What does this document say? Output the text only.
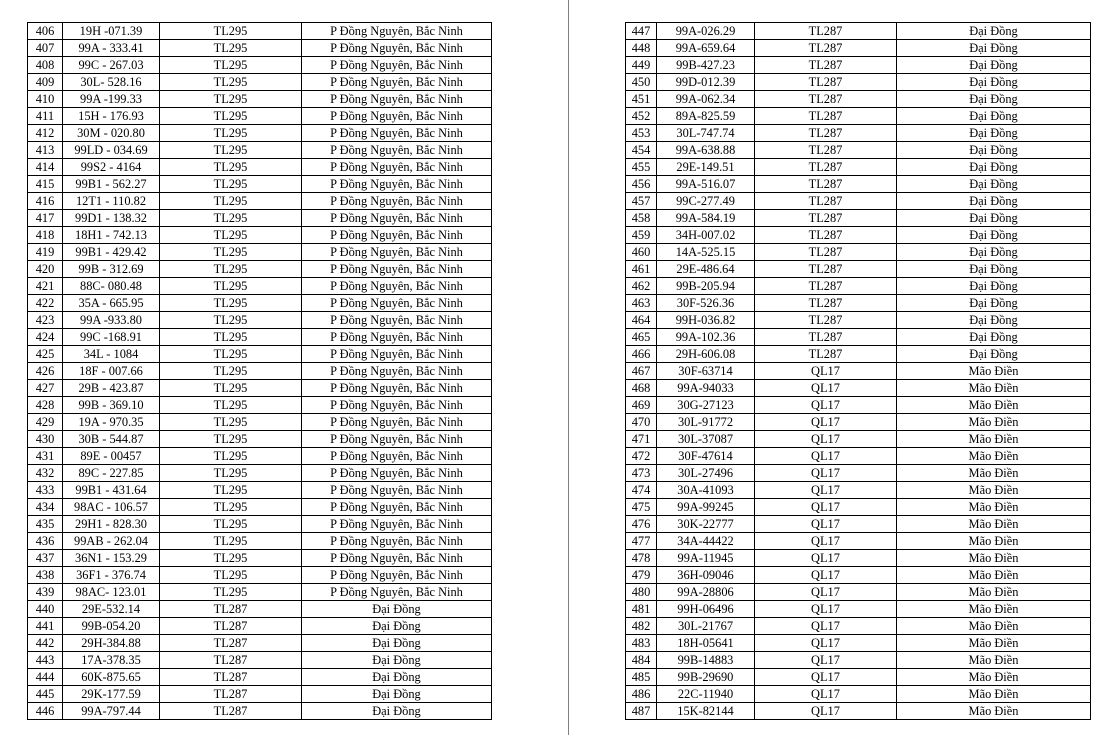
406	19H -071.39	TL295	P Đồng Nguyên, Bắc Ninh
407	99A - 333.41	TL295	P Đồng Nguyên, Bắc Ninh
408	99C - 267.03	TL295	P Đồng Nguyên, Bắc Ninh
409	30L- 528.16	TL295	P Đồng Nguyên, Bắc Ninh
410	99A -199.33	TL295	P Đồng Nguyên, Bắc Ninh
411	15H - 176.93	TL295	P Đồng Nguyên, Bắc Ninh
412	30M - 020.80	TL295	P Đồng Nguyên, Bắc Ninh
413	99LD - 034.69	TL295	P Đồng Nguyên, Bắc Ninh
414	99S2 - 4164	TL295	P Đồng Nguyên, Bắc Ninh
415	99B1 - 562.27	TL295	P Đồng Nguyên, Bắc Ninh
416	12T1 - 110.82	TL295	P Đồng Nguyên, Bắc Ninh
417	99D1 - 138.32	TL295	P Đồng Nguyên, Bắc Ninh
418	18H1 - 742.13	TL295	P Đồng Nguyên, Bắc Ninh
419	99B1 - 429.42	TL295	P Đồng Nguyên, Bắc Ninh
420	99B - 312.69	TL295	P Đồng Nguyên, Bắc Ninh
421	88C- 080.48	TL295	P Đồng Nguyên, Bắc Ninh
422	35A - 665.95	TL295	P Đồng Nguyên, Bắc Ninh
423	99A -933.80	TL295	P Đồng Nguyên, Bắc Ninh
424	99C -168.91	TL295	P Đồng Nguyên, Bắc Ninh
425	34L - 1084	TL295	P Đồng Nguyên, Bắc Ninh
426	18F - 007.66	TL295	P Đồng Nguyên, Bắc Ninh
427	29B - 423.87	TL295	P Đồng Nguyên, Bắc Ninh
428	99B - 369.10	TL295	P Đồng Nguyên, Bắc Ninh
429	19A - 970.35	TL295	P Đồng Nguyên, Bắc Ninh
430	30B - 544.87	TL295	P Đồng Nguyên, Bắc Ninh
431	89E - 00457	TL295	P Đồng Nguyên, Bắc Ninh
432	89C - 227.85	TL295	P Đồng Nguyên, Bắc Ninh
433	99B1 - 431.64	TL295	P Đồng Nguyên, Bắc Ninh
434	98AC - 106.57	TL295	P Đồng Nguyên, Bắc Ninh
435	29H1 - 828.30	TL295	P Đồng Nguyên, Bắc Ninh
436	99AB - 262.04	TL295	P Đồng Nguyên, Bắc Ninh
437	36N1 - 153.29	TL295	P Đồng Nguyên, Bắc Ninh
438	36F1 - 376.74	TL295	P Đồng Nguyên, Bắc Ninh
439	98AC- 123.01	TL295	P Đồng Nguyên, Bắc Ninh
440	29E-532.14	TL287	Đại Đồng
441	99B-054.20	TL287	Đại Đồng
442	29H-384.88	TL287	Đại Đồng
443	17A-378.35	TL287	Đại Đồng
444	60K-875.65	TL287	Đại Đồng
445	29K-177.59	TL287	Đại Đồng
446	99A-797.44	TL287	Đại Đồng
447	99A-026.29	TL287	Đại Đồng
448	99A-659.64	TL287	Đại Đồng
449	99B-427.23	TL287	Đại Đồng
450	99D-012.39	TL287	Đại Đồng
451	99A-062.34	TL287	Đại Đồng
452	89A-825.59	TL287	Đại Đồng
453	30L-747.74	TL287	Đại Đồng
454	99A-638.88	TL287	Đại Đồng
455	29E-149.51	TL287	Đại Đồng
456	99A-516.07	TL287	Đại Đồng
457	99C-277.49	TL287	Đại Đồng
458	99A-584.19	TL287	Đại Đồng
459	34H-007.02	TL287	Đại Đồng
460	14A-525.15	TL287	Đại Đồng
461	29E-486.64	TL287	Đại Đồng
462	99B-205.94	TL287	Đại Đồng
463	30F-526.36	TL287	Đại Đồng
464	99H-036.82	TL287	Đại Đồng
465	99A-102.36	TL287	Đại Đồng
466	29H-606.08	TL287	Đại Đồng
467	30F-63714	QL17	Mão Điền
468	99A-94033	QL17	Mão Điền
469	30G-27123	QL17	Mão Điền
470	30L-91772	QL17	Mão Điền
471	30L-37087	QL17	Mão Điền
472	30F-47614	QL17	Mão Điền
473	30L-27496	QL17	Mão Điền
474	30A-41093	QL17	Mão Điền
475	99A-99245	QL17	Mão Điền
476	30K-22777	QL17	Mão Điền
477	34A-44422	QL17	Mão Điền
478	99A-11945	QL17	Mão Điền
479	36H-09046	QL17	Mão Điền
480	99A-28806	QL17	Mão Điền
481	99H-06496	QL17	Mão Điền
482	30L-21767	QL17	Mão Điền
483	18H-05641	QL17	Mão Điền
484	99B-14883	QL17	Mão Điền
485	99B-29690	QL17	Mão Điền
486	22C-11940	QL17	Mão Điền
487	15K-82144	QL17	Mão Điền
